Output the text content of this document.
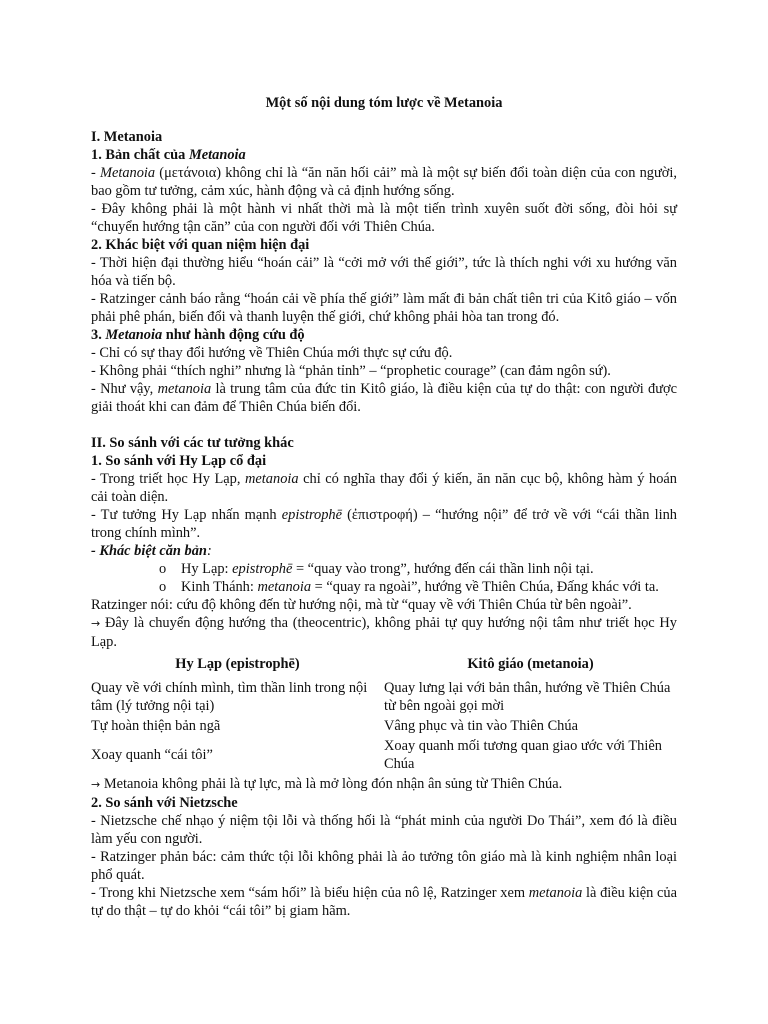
Một số nội dung tóm lược về Metanoia
I. Metanoia
1. Bản chất của Metanoia

- Metanoia (μετάνοια) không chỉ là “ăn năn hối cải” mà là một sự biến đổi toàn diện của con người, bao gồm tư tưởng, cảm xúc, hành động và cả định hướng sống.

- Đây không phải là một hành vi nhất thời mà là một tiến trình xuyên suốt đời sống, đòi hỏi sự “chuyển hướng tận căn” của con người đối với Thiên Chúa.

2. Khác biệt với quan niệm hiện đại

- Thời hiện đại thường hiểu “hoán cải” là “cởi mở với thế giới”, tức là thích nghi với xu hướng văn hóa và tiến bộ.

- Ratzinger cảnh báo rằng “hoán cải về phía thế giới” làm mất đi bản chất tiên tri của Kitô giáo – vốn phải phê phán, biến đổi và thanh luyện thế giới, chứ không phải hòa tan trong đó.

3. Metanoia như hành động cứu độ

- Chỉ có sự thay đổi hướng về Thiên Chúa mới thực sự cứu độ.

- Không phải “thích nghi” nhưng là “phản tỉnh” – “prophetic courage” (can đảm ngôn sứ).

- Như vậy, metanoia là trung tâm của đức tin Kitô giáo, là điều kiện của tự do thật: con người được giải thoát khi can đảm để Thiên Chúa biến đổi.

II. So sánh với các tư tưởng khác
1. So sánh với Hy Lạp cổ đại

- Trong triết học Hy Lạp, metanoia chỉ có nghĩa thay đổi ý kiến, ăn năn cục bộ, không hàm ý hoán cải toàn diện.

- Tư tưởng Hy Lạp nhấn mạnh epistrophē (ἐπιστροφή) – “hướng nội” để trở về với “cái thần linh trong chính mình”.

- Khác biệt căn bản:

o Hy Lạp: epistrophē = “quay vào trong”, hướng đến cái thần linh nội tại.
o Kinh Thánh: metanoia = “quay ra ngoài”, hướng về Thiên Chúa, Đấng khác với ta.

Ratzinger nói: cứu độ không đến từ hướng nội, mà từ “quay về với Thiên Chúa từ bên ngoài”.

→ Đây là chuyển động hướng tha (theocentric), không phải tự quy hướng nội tâm như triết học Hy Lạp.

Hy Lạp (epistrophē)	Kitô giáo (metanoia)
Quay về với chính mình, tìm thần linh trong nội tâm (lý tưởng nội tại)	Quay lưng lại với bản thân, hướng về Thiên Chúa từ bên ngoài gọi mời
Tự hoàn thiện bản ngã	Vâng phục và tin vào Thiên Chúa
Xoay quanh “cái tôi”	Xoay quanh mối tương quan giao ước với Thiên Chúa

→ Metanoia không phải là tự lực, mà là mở lòng đón nhận ân sủng từ Thiên Chúa.

2. So sánh với Nietzsche

- Nietzsche chế nhạo ý niệm tội lỗi và thống hối là “phát minh của người Do Thái”, xem đó là điều làm yếu con người.

- Ratzinger phản bác: cảm thức tội lỗi không phải là ảo tưởng tôn giáo mà là kinh nghiệm nhân loại phổ quát.

- Trong khi Nietzsche xem “sám hối” là biểu hiện của nô lệ, Ratzinger xem metanoia là điều kiện của tự do thật – tự do khỏi “cái tôi” bị giam hãm.
